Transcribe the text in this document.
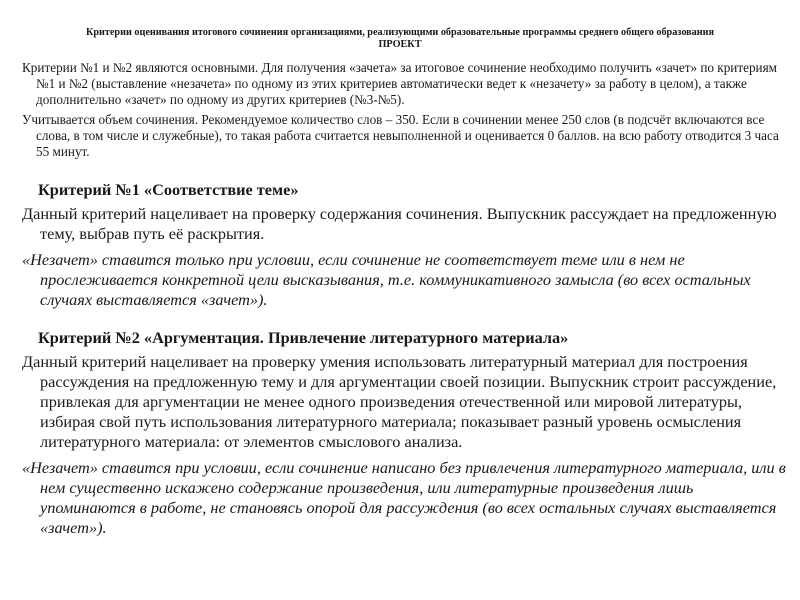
Критерии оценивания итогового сочинения организациями, реализующими образовательные программы среднего общего образования
ПРОЕКТ

Критерии №1 и №2 являются основными. Для получения «зачета» за итоговое сочинение необходимо получить «зачет» по критериям №1 и №2 (выставление «незачета» по одному из этих критериев автоматически ведет к «незачету» за работу в целом), а также дополнительно «зачет» по одному из других критериев (№3-№5).

Учитывается объем сочинения. Рекомендуемое количество слов – 350. Если в сочинении менее 250 слов (в подсчёт включаются все слова, в том числе и служебные), то такая работа считается невыполненной и оценивается 0 баллов. на всю работу отводится 3 часа 55 минут.

Критерий №1 «Соответствие теме»

Данный критерий нацеливает на проверку содержания сочинения. Выпускник рассуждает на предложенную тему, выбрав путь её раскрытия.

«Незачет» ставится только при условии, если сочинение не соответствует теме или в нем не прослеживается конкретной цели высказывания, т.е. коммуникативного замысла (во всех остальных случаях выставляется «зачет»).

Критерий №2 «Аргументация. Привлечение литературного материала»

Данный критерий нацеливает на проверку умения использовать литературный материал для построения рассуждения на предложенную тему и для аргументации своей позиции. Выпускник строит рассуждение, привлекая для аргументации не менее одного произведения отечественной или мировой литературы, избирая свой путь использования литературного материала; показывает разный уровень осмысления литературного материала: от элементов смыслового анализа.

«Незачет» ставится при условии, если сочинение написано без привлечения литературного материала, или в нем существенно искажено содержание произведения, или литературные произведения лишь упоминаются в работе, не становясь опорой для рассуждения (во всех остальных случаях выставляется «зачет»).
